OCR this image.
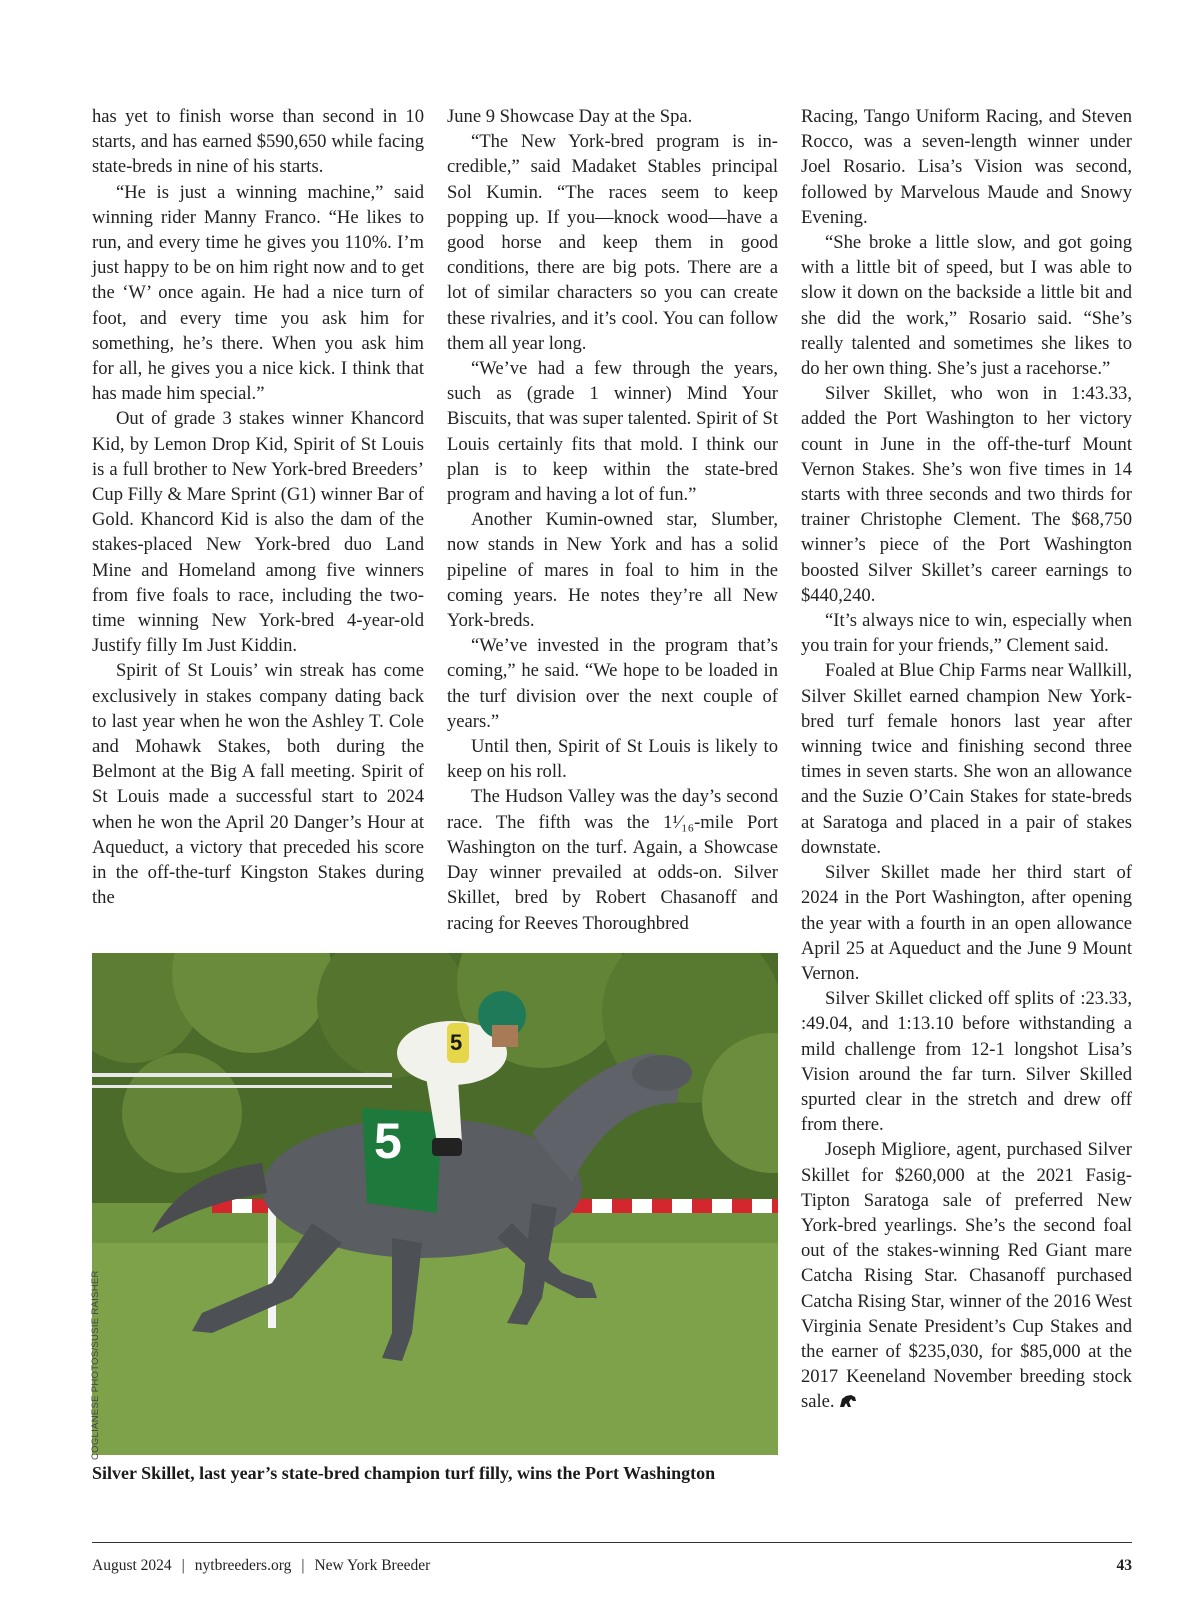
has yet to finish worse than second in 10 starts, and has earned $590,650 while facing state-breds in nine of his starts.

“He is just a winning machine,” said winning rider Manny Franco. “He likes to run, and every time he gives you 110%. I’m just happy to be on him right now and to get the ‘W’ once again. He had a nice turn of foot, and every time you ask him for something, he’s there. When you ask him for all, he gives you a nice kick. I think that has made him special.”

Out of grade 3 stakes winner Khancord Kid, by Lemon Drop Kid, Spirit of St Louis is a full brother to New York-bred Breeders’ Cup Filly & Mare Sprint (G1) winner Bar of Gold. Khancord Kid is also the dam of the stakes-placed New York-bred duo Land Mine and Homeland among five winners from five foals to race, including the two-time winning New York-bred 4-year-old Justify filly Im Just Kiddin.

Spirit of St Louis’ win streak has come exclusively in stakes company dating back to last year when he won the Ashley T. Cole and Mohawk Stakes, both during the Belmont at the Big A fall meeting. Spirit of St Louis made a successful start to 2024 when he won the April 20 Danger’s Hour at Aqueduct, a victory that preceded his score in the off-the-turf Kingston Stakes during the

June 9 Showcase Day at the Spa.

“The New York-bred program is incredible,” said Madaket Stables principal Sol Kumin. “The races seem to keep popping up. If you—knock wood—have a good horse and keep them in good conditions, there are big pots. There are a lot of similar characters so you can create these rivalries, and it’s cool. You can follow them all year long.

“We’ve had a few through the years, such as (grade 1 winner) Mind Your Biscuits, that was super talented. Spirit of St Louis certainly fits that mold. I think our plan is to keep within the state-bred program and having a lot of fun.”

Another Kumin-owned star, Slumber, now stands in New York and has a solid pipeline of mares in foal to him in the coming years. He notes they’re all New York-breds.

“We’ve invested in the program that’s coming,” he said. “We hope to be loaded in the turf division over the next couple of years.”

Until then, Spirit of St Louis is likely to keep on his roll.

The Hudson Valley was the day’s second race. The fifth was the 1¹⁄₁₆-mile Port Washington on the turf. Again, a Showcase Day winner prevailed at odds-on. Silver Skillet, bred by Robert Chasanoff and racing for Reeves Thoroughbred

Racing, Tango Uniform Racing, and Steven Rocco, was a seven-length winner under Joel Rosario. Lisa’s Vision was second, followed by Marvelous Maude and Snowy Evening.

“She broke a little slow, and got going with a little bit of speed, but I was able to slow it down on the backside a little bit and she did the work,” Rosario said. “She’s really talented and sometimes she likes to do her own thing. She’s just a racehorse.”

Silver Skillet, who won in 1:43.33, added the Port Washington to her victory count in June in the off-the-turf Mount Vernon Stakes. She’s won five times in 14 starts with three seconds and two thirds for trainer Christophe Clement. The $68,750 winner’s piece of the Port Washington boosted Silver Skillet’s career earnings to $440,240.

“It’s always nice to win, especially when you train for your friends,” Clement said.

Foaled at Blue Chip Farms near Wallkill, Silver Skillet earned champion New York-bred turf female honors last year after winning twice and finishing second three times in seven starts. She won an allowance and the Suzie O’Cain Stakes for state-breds at Saratoga and placed in a pair of stakes downstate.

Silver Skillet made her third start of 2024 in the Port Washington, after opening the year with a fourth in an open allowance April 25 at Aqueduct and the June 9 Mount Vernon.

Silver Skillet clicked off splits of :23.33, :49.04, and 1:13.10 before withstanding a mild challenge from 12-1 longshot Lisa’s Vision around the far turn. Silver Skilled spurted clear in the stretch and drew off from there.

Joseph Migliore, agent, purchased Silver Skillet for $260,000 at the 2021 Fasig-Tipton Saratoga sale of preferred New York-bred yearlings. She’s the second foal out of the stakes-winning Red Giant mare Catcha Rising Star. Chasanoff purchased Catcha Rising Star, winner of the 2016 West Virginia Senate President’s Cup Stakes and the earner of $235,030, for $85,000 at the 2017 Keeneland November breeding stock sale.

5
5
COGLIANESE PHOTOS/SUSIE RAISHER
Silver Skillet, last year’s state-bred champion turf filly, wins the Port Washington
August 2024 | nytbreeders.org | New York Breeder	43
